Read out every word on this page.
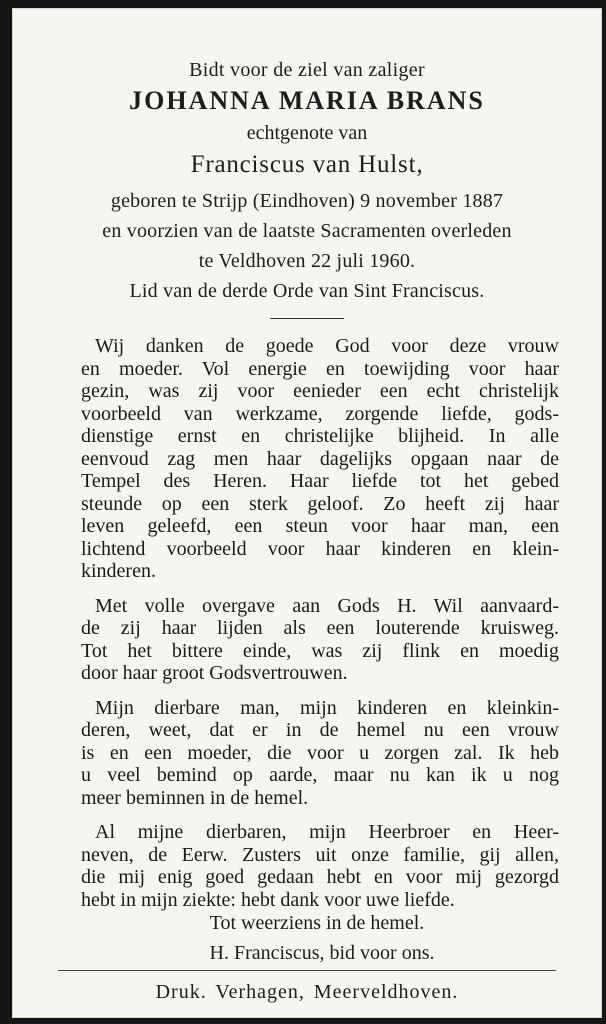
Bidt voor de ziel van zaliger
JOHANNA MARIA BRANS
echtgenote van
Franciscus van Hulst,
geboren te Strijp (Eindhoven) 9 november 1887
en voorzien van de laatste Sacramenten overleden
te Veldhoven 22 juli 1960.
Lid van de derde Orde van Sint Franciscus.
Wij danken de goede God voor deze vrouw
en moeder. Vol energie en toewijding voor haar
gezin, was zij voor eenieder een echt christelijk
voorbeeld van werkzame, zorgende liefde, gods-
dienstige ernst en christelijke blijheid. In alle
eenvoud zag men haar dagelijks opgaan naar de
Tempel des Heren. Haar liefde tot het gebed
steunde op een sterk geloof. Zo heeft zij haar
leven geleefd, een steun voor haar man, een
lichtend voorbeeld voor haar kinderen en klein-
kinderen.
Met volle overgave aan Gods H. Wil aanvaard-
de zij haar lijden als een louterende kruisweg.
Tot het bittere einde, was zij flink en moedig
door haar groot Godsvertrouwen.
Mijn dierbare man, mijn kinderen en kleinkin-
deren, weet, dat er in de hemel nu een vrouw
is en een moeder, die voor u zorgen zal. Ik heb
u veel bemind op aarde, maar nu kan ik u nog
meer beminnen in de hemel.
Al mijne dierbaren, mijn Heerbroer en Heer-
neven, de Eerw. Zusters uit onze familie, gij allen,
die mij enig goed gedaan hebt en voor mij gezorgd
hebt in mijn ziekte: hebt dank voor uwe liefde.
Tot weerziens in de hemel.
H. Franciscus, bid voor ons.
Druk. Verhagen, Meerveldhoven.
